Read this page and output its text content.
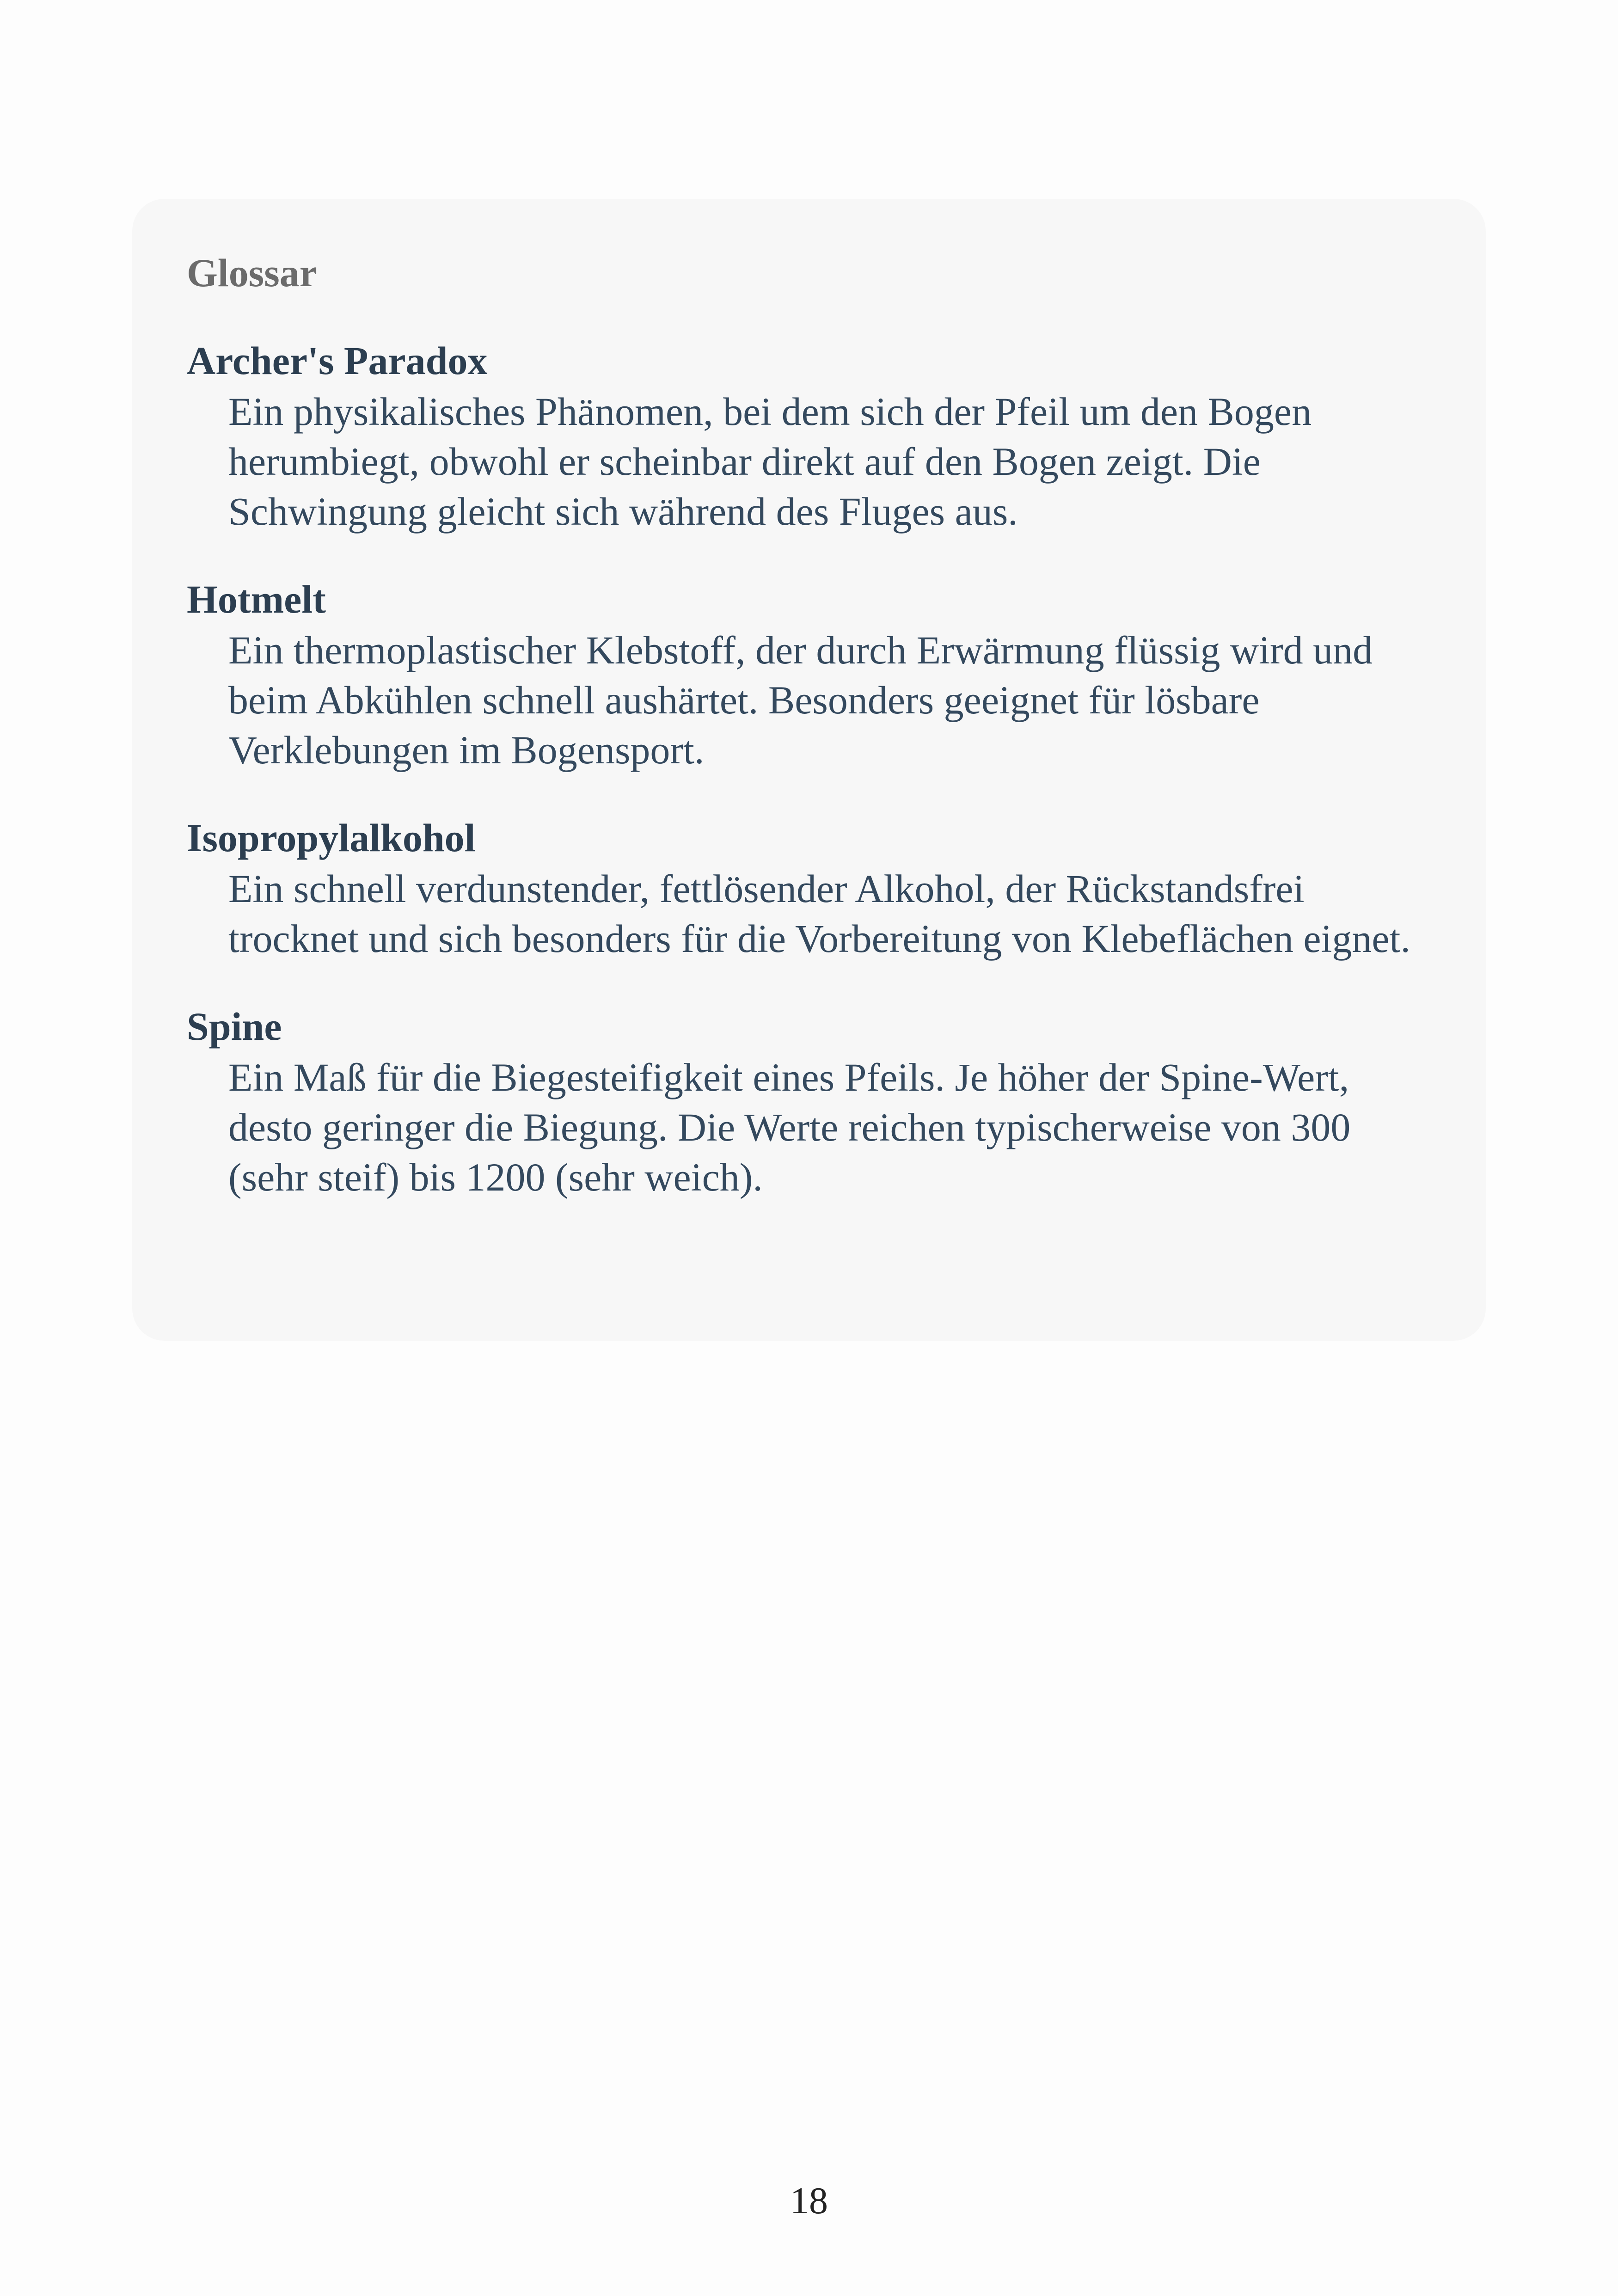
Glossar
Archer's Paradox
Ein physikalisches Phänomen, bei dem sich der Pfeil um den Bogen herumbiegt, obwohl er scheinbar direkt auf den Bogen zeigt. Die Schwingung gleicht sich während des Fluges aus.
Hotmelt
Ein thermoplastischer Klebstoff, der durch Erwärmung flüssig wird und beim Abkühlen schnell aushärtet. Besonders geeignet für lösbare Verklebungen im Bogensport.
Isopropylalkohol
Ein schnell verdunstender, fettlösender Alkohol, der Rückstandsfrei trocknet und sich besonders für die Vorbereitung von Klebeflächen eignet.
Spine
Ein Maß für die Biegesteifigkeit eines Pfeils. Je höher der Spine-Wert, desto geringer die Biegung. Die Werte reichen typischerweise von 300 (sehr steif) bis 1200 (sehr weich).
18
